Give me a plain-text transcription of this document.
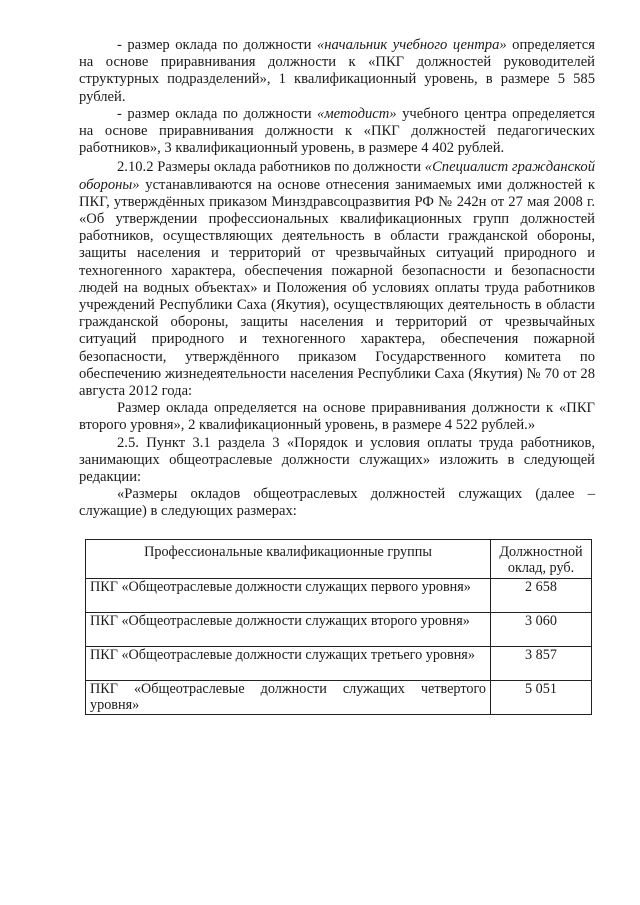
- размер оклада по должности «начальник учебного центра» определяется на основе приравнивания должности к «ПКГ должностей руководителей структурных подразделений», 1 квалификационный уровень, в размере 5 585 рублей.

- размер оклада по должности «методист» учебного центра определяется на основе приравнивания должности к «ПКГ должностей педагогических работников», 3 квалификационный уровень, в размере 4 402 рублей.

2.10.2 Размеры оклада работников по должности «Специалист гражданской обороны» устанавливаются на основе отнесения занимаемых ими должностей к ПКГ, утверждённых приказом Минздравсоцразвития РФ № 242н от 27 мая 2008 г. «Об утверждении профессиональных квалификационных групп должностей работников, осуществляющих деятельность в области гражданской обороны, защиты населения и территорий от чрезвычайных ситуаций природного и техногенного характера, обеспечения пожарной безопасности и безопасности людей на водных объектах» и Положения об условиях оплаты труда работников учреждений Республики Саха (Якутия), осуществляющих деятельность в области гражданской обороны, защиты населения и территорий от чрезвычайных ситуаций природного и техногенного характера, обеспечения пожарной безопасности, утверждённого приказом Государственного комитета по обеспечению жизнедеятельности населения Республики Саха (Якутия) № 70 от 28 августа 2012 года:

Размер оклада определяется на основе приравнивания должности к «ПКГ второго уровня», 2 квалификационный уровень, в размере 4 522 рублей.»

2.5. Пункт 3.1 раздела 3 «Порядок и условия оплаты труда работников, занимающих общеотраслевые должности служащих» изложить в следующей редакции:

«Размеры окладов общеотраслевых должностей служащих (далее – служащие) в следующих размерах:

Профессиональные квалификационные группы	Должностной оклад, руб.
ПКГ «Общеотраслевые должности служащих первого уровня»	2 658
ПКГ «Общеотраслевые должности служащих второго уровня»	3 060
ПКГ «Общеотраслевые должности служащих третьего уровня»	3 857
ПКГ «Общеотраслевые должности служащих четвертого уровня»	5 051
